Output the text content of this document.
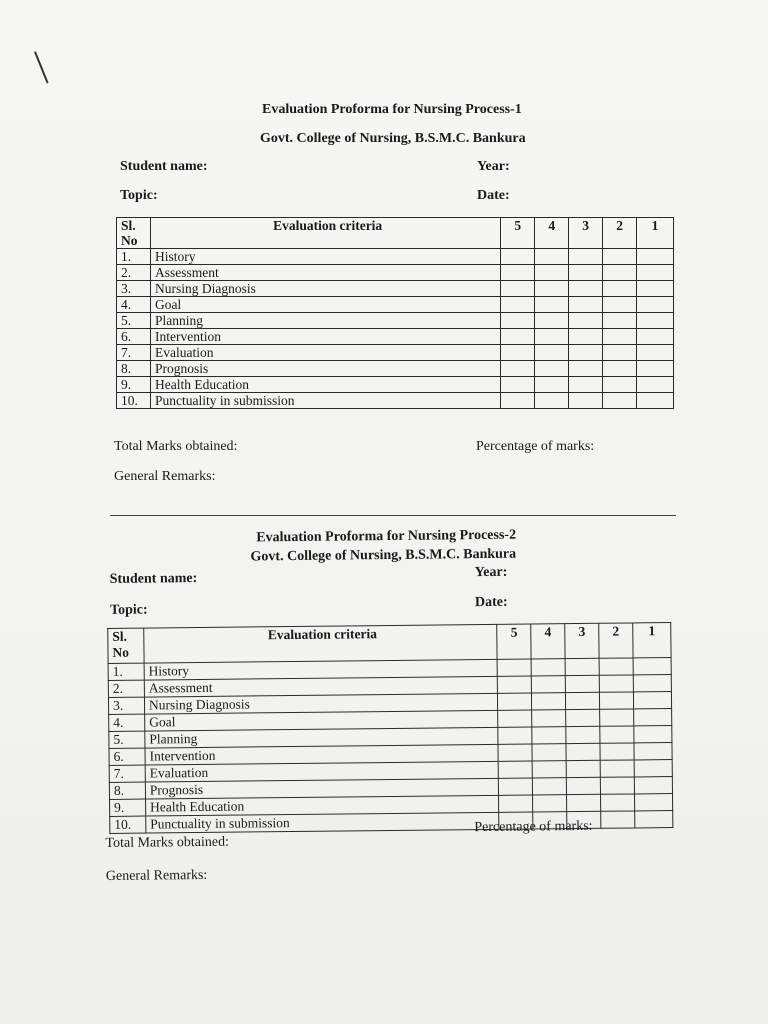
Evaluation Proforma for Nursing Process-1
Govt. College of Nursing, B.S.M.C. Bankura
Student name:	Year:
Topic:	Date:
Sl. No	Evaluation criteria	5	4	3	2	1
1.	History					
2.	Assessment					
3.	Nursing Diagnosis					
4.	Goal					
5.	Planning					
6.	Intervention					
7.	Evaluation					
8.	Prognosis					
9.	Health Education					
10.	Punctuality in submission					
Total Marks obtained:	Percentage of marks:
General Remarks:
Evaluation Proforma for Nursing Process-2
Govt. College of Nursing, B.S.M.C. Bankura
Student name:	Year:
Topic:
Date:
Sl. No	Evaluation criteria	5	4	3	2	1
1.	History					
2.	Assessment					
3.	Nursing Diagnosis					
4.	Goal					
5.	Planning					
6.	Intervention					
7.	Evaluation					
8.	Prognosis					
9.	Health Education					
10.	Punctuality in submission					
Total Marks obtained:
Percentage of marks:
General Remarks:
